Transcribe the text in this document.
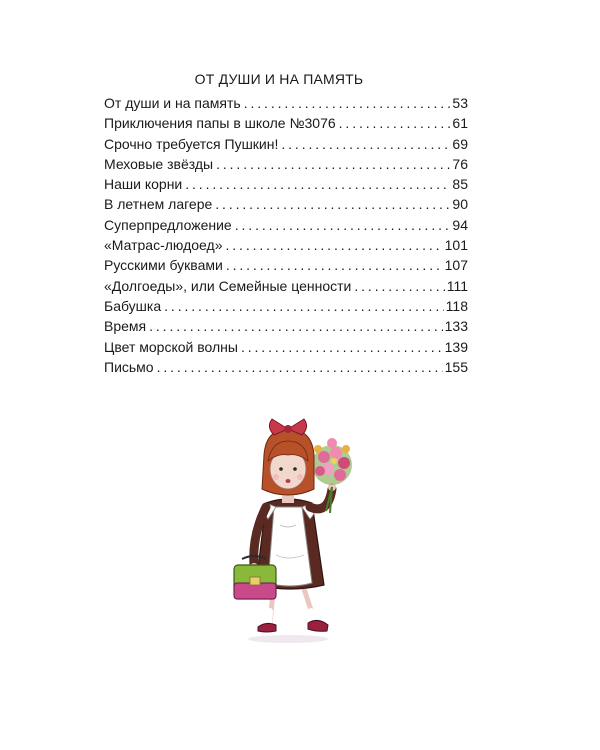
ОТ ДУШИ И НА ПАМЯТЬ
От души и на память . . .	53
Приключения папы в школе №3076 . . .	61
Срочно требуется Пушкин! . . .	69
Меховые звёзды . . .	76
Наши корни . . .	85
В летнем лагере . . .	90
Суперпредложение . . .	94
«Матрас-людоед» . . .	101
Русскими буквами . . .	107
«Долгоеды», или Семейные ценности . . .	111
Бабушка . . .	118
Время . . .	133
Цвет морской волны . . .	139
Письмо . . .	155
